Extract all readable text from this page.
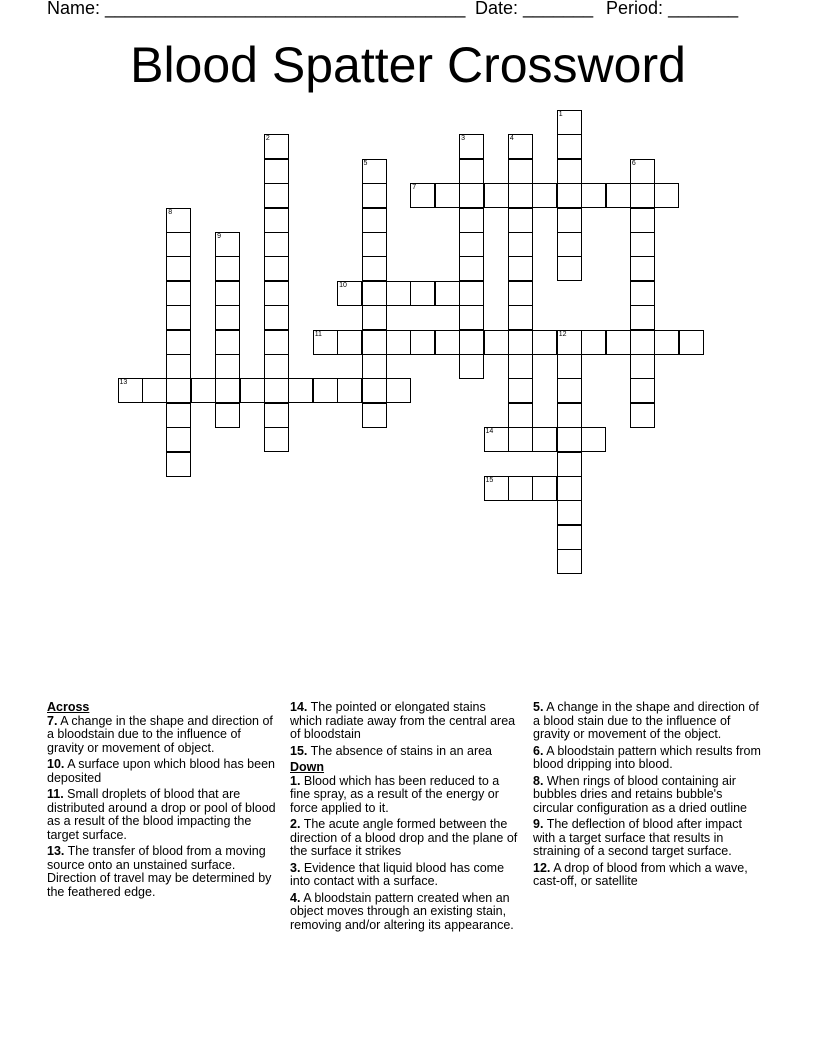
Name: ____________________________________ Date: _______ Period: _______
Blood Spatter Crossword
1
2	3	4
5	6
7
8
9
10
11	12
13
14
15

Across

7. A change in the shape and direction of a bloodstain due to the influence of gravity or movement of object.

10. A surface upon which blood has been deposited

11. Small droplets of blood that are distributed around a drop or pool of blood as a result of the blood impacting the target surface.

13. The transfer of blood from a moving source onto an unstained surface. Direction of travel may be determined by the feathered edge.

14. The pointed or elongated stains which radiate away from the central area of bloodstain

15. The absence of stains in an area

Down

1. Blood which has been reduced to a fine spray, as a result of the energy or force applied to it.

2. The acute angle formed between the direction of a blood drop and the plane of the surface it strikes

3. Evidence that liquid blood has come into contact with a surface.

4. A bloodstain pattern created when an object moves through an existing stain, removing and/or altering its appearance.

5. A change in the shape and direction of a blood stain due to the influence of gravity or movement of the object.

6. A bloodstain pattern which results from blood dripping into blood.

8. When rings of blood containing air bubbles dries and retains bubble's circular configuration as a dried outline

9. The deflection of blood after impact with a target surface that results in straining of a second target surface.

12. A drop of blood from which a wave, cast-off, or satellite
